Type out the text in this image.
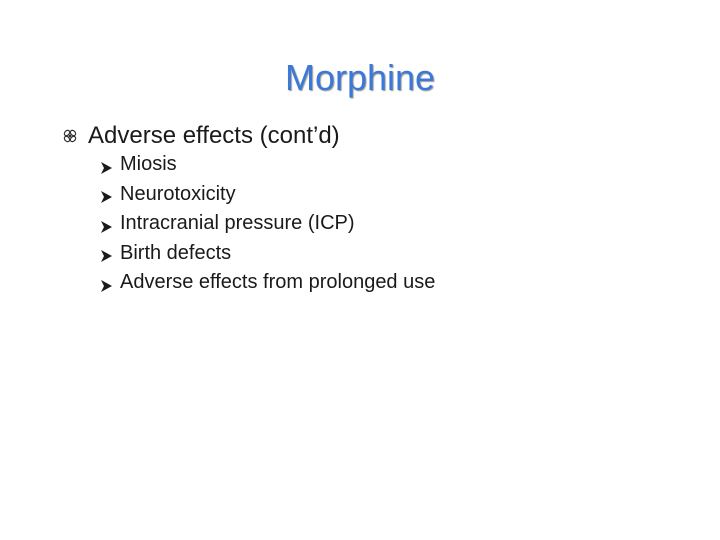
Morphine
Adverse effects (cont’d)
Miosis
Neurotoxicity
Intracranial pressure (ICP)
Birth defects
Adverse effects from prolonged use
